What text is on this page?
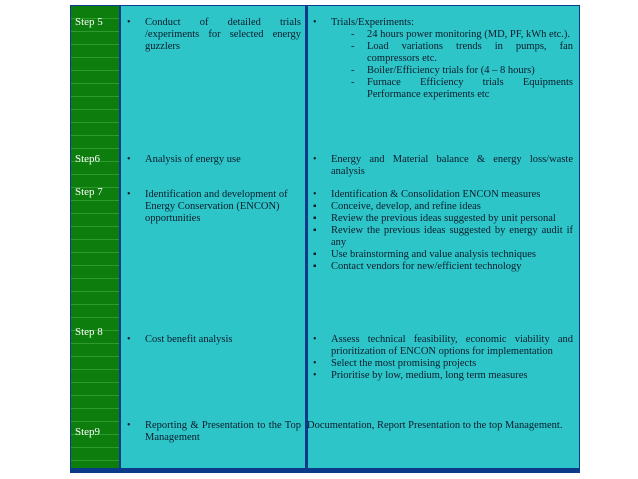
Step 5
Step6
Step 7
Step 8
Step9
• Conduct of detailed trials /experiments for selected energy guzzlers
• Trials/Experiments:
- 24 hours power monitoring (MD, PF, kWh etc.).
- Load variations trends in pumps, fan compressors etc.
- Boiler/Efficiency trials for (4 – 8 hours)
- Furnace Efficiency trials Equipments Performance experiments etc
• Analysis of energy use	• Energy and Material balance & energy loss/waste analysis
• Identification and development of Energy Conservation (ENCON) opportunities
• Identification & Consolidation ENCON measures
▪ Conceive, develop, and refine ideas
▪ Review the previous ideas suggested by unit personal
▪ Review the previous ideas suggested by energy audit if any
▪ Use brainstorming and value analysis techniques
▪ Contact vendors for new/efficient technology
• Cost benefit analysis	• Assess technical feasibility, economic viability and prioritization of ENCON options for implementation
• Select the most promising projects
• Prioritise by low, medium, long term measures
• Reporting & Presentation to the Top Management
Documentation, Report Presentation to the top Management.
